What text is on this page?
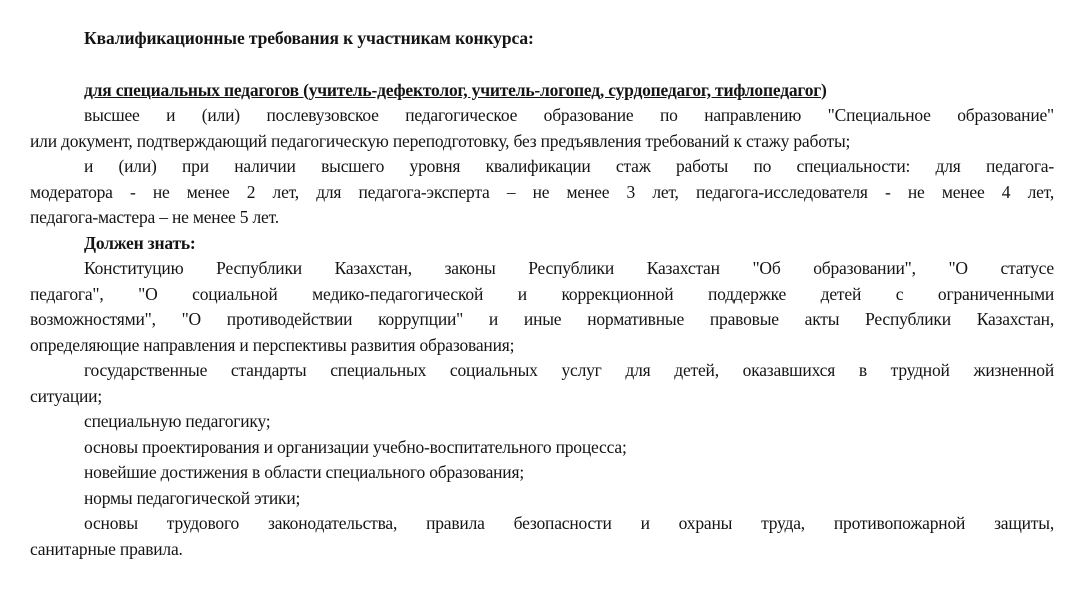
Квалификационные требования к участникам конкурса:
для специальных педагогов (учитель-дефектолог, учитель-логопед, сурдопедагог, тифлопедагог)
высшее и (или) послевузовское педагогическое образование по направлению "Специальное образование"
или документ, подтверждающий педагогическую переподготовку, без предъявления требований к стажу работы;
и (или) при наличии высшего уровня квалификации стаж работы по специальности: для педагога-
модератора - не менее 2 лет, для педагога-эксперта – не менее 3 лет, педагога-исследователя - не менее 4 лет,
педагога-мастера – не менее 5 лет.
Должен знать:
Конституцию Республики Казахстан, законы Республики Казахстан "Об образовании", "О статусе
педагога", "О социальной медико-педагогической и коррекционной поддержке детей с ограниченными
возможностями", "О противодействии коррупции" и иные нормативные правовые акты Республики Казахстан,
определяющие направления и перспективы развития образования;
государственные стандарты специальных социальных услуг для детей, оказавшихся в трудной жизненной
ситуации;
специальную педагогику;
основы проектирования и организации учебно-воспитательного процесса;
новейшие достижения в области специального образования;
нормы педагогической этики;
основы трудового законодательства, правила безопасности и охраны труда, противопожарной защиты,
санитарные правила.
